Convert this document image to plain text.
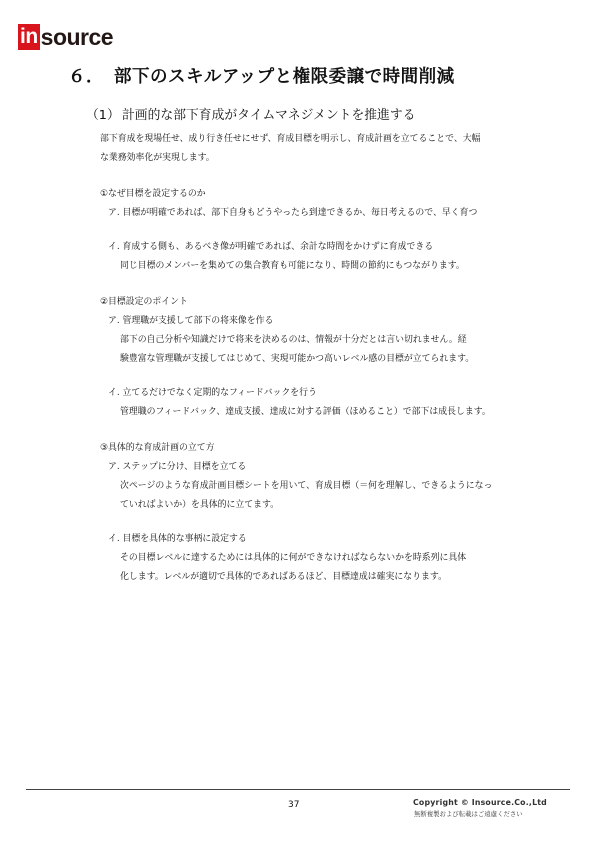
in source
６． 部下のスキルアップと権限委譲で時間削減
（1） 計画的な部下育成がタイムマネジメントを推進する

部下育成を現場任せ、成り行き任せにせず、育成目標を明示し、育成計画を立てることで、大幅

な業務効率化が実現します。

①なぜ目標を設定するのか

ア. 目標が明確であれば、部下自身もどうやったら到達できるか、毎日考えるので、早く育つ

イ. 育成する側も、あるべき像が明確であれば、余計な時間をかけずに育成できる

同じ目標のメンバーを集めての集合教育も可能になり、時間の節約にもつながります。

②目標設定のポイント

ア. 管理職が支援して部下の将来像を作る

部下の自己分析や知識だけで将来を決めるのは、情報が十分だとは言い切れません。経

験豊富な管理職が支援してはじめて、実現可能かつ高いレベル感の目標が立てられます。

イ. 立てるだけでなく定期的なフィードバックを行う

管理職のフィードバック、達成支援、達成に対する評価（ほめること）で部下は成長します。

③具体的な育成計画の立て方

ア. ステップに分け、目標を立てる

次ページのような育成計画目標シートを用いて、育成目標（＝何を理解し、できるようになっ

ていればよいか）を具体的に立てます。

イ. 目標を具体的な事柄に設定する

その目標レベルに達するためには具体的に何ができなければならないかを時系列に具体

化します。レベルが適切で具体的であればあるほど、目標達成は確実になります。

37	Copyright © Insource.Co.,Ltd
無断複製および転載はご遠慮ください
